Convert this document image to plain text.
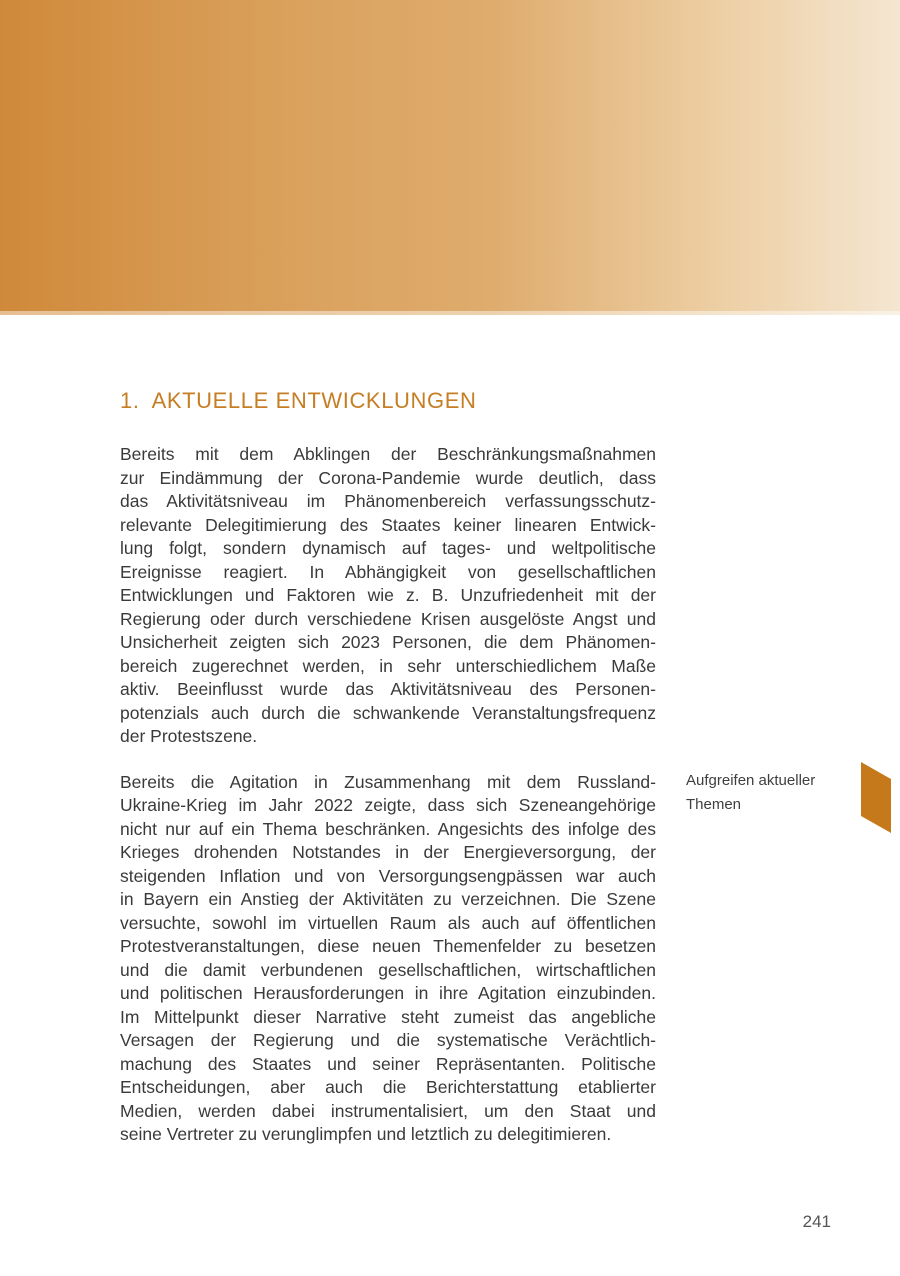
1. AKTUELLE ENTWICKLUNGEN
Bereits mit dem Abklingen der Beschränkungsmaßnahmen
zur Eindämmung der Corona-Pandemie wurde deutlich, dass
das Aktivitätsniveau im Phänomenbereich verfassungsschutz-
relevante Delegitimierung des Staates keiner linearen Entwick-
lung folgt, sondern dynamisch auf tages- und weltpolitische
Ereignisse reagiert. In Abhängigkeit von gesellschaftlichen
Entwicklungen und Faktoren wie z. B. Unzufriedenheit mit der
Regierung oder durch verschiedene Krisen ausgelöste Angst und
Unsicherheit zeigten sich 2023 Personen, die dem Phänomen-
bereich zugerechnet werden, in sehr unterschiedlichem Maße
aktiv. Beeinflusst wurde das Aktivitätsniveau des Personen-
potenzials auch durch die schwankende Veranstaltungsfrequenz
der Protestszene.
Bereits die Agitation in Zusammenhang mit dem Russland-
Ukraine-Krieg im Jahr 2022 zeigte, dass sich Szeneangehörige
nicht nur auf ein Thema beschränken. Angesichts des infolge des
Krieges drohenden Notstandes in der Energieversorgung, der
steigenden Inflation und von Versorgungsengpässen war auch
in Bayern ein Anstieg der Aktivitäten zu verzeichnen. Die Szene
versuchte, sowohl im virtuellen Raum als auch auf öffentlichen
Protestveranstaltungen, diese neuen Themenfelder zu besetzen
und die damit verbundenen gesellschaftlichen, wirtschaftlichen
und politischen Herausforderungen in ihre Agitation einzubinden.
Im Mittelpunkt dieser Narrative steht zumeist das angebliche
Versagen der Regierung und die systematische Verächtlich-
machung des Staates und seiner Repräsentanten. Politische
Entscheidungen, aber auch die Berichterstattung etablierter
Medien, werden dabei instrumentalisiert, um den Staat und
seine Vertreter zu verunglimpfen und letztlich zu delegitimieren.
Aufgreifen aktueller
Themen
241
